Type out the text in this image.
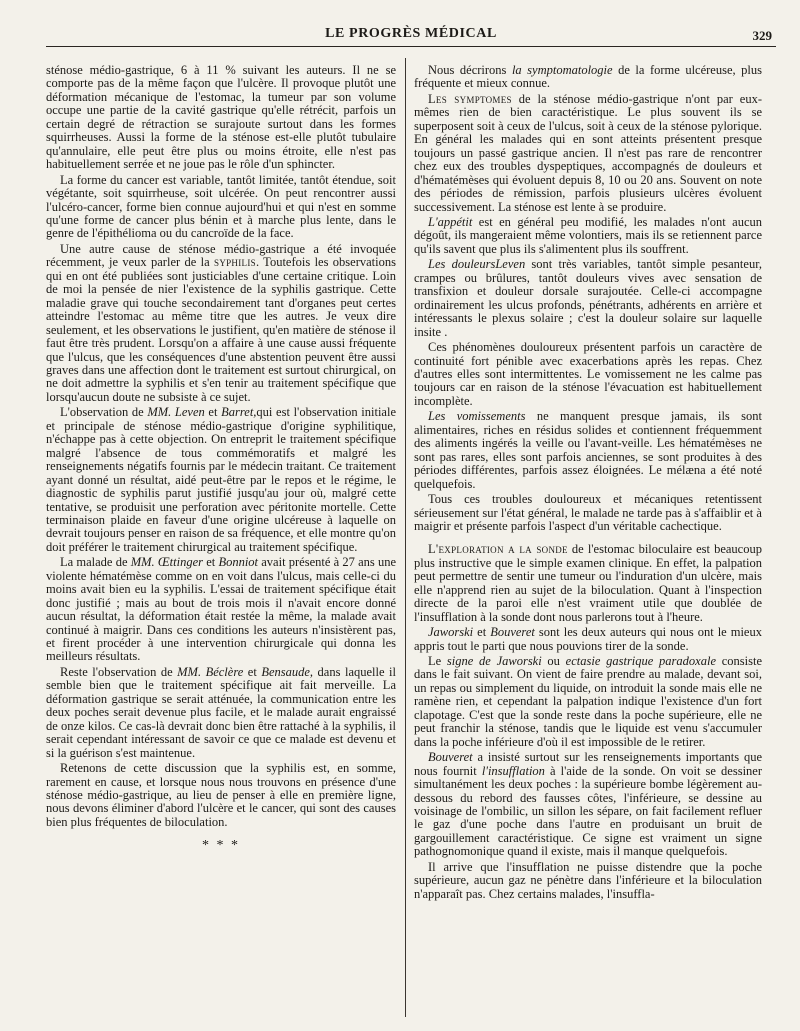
LE PROGRÈS MÉDICAL	329

sténose médio-gastrique, 6 à 11 % suivant les auteurs. Il ne se comporte pas de la même façon que l'ulcère. Il provoque plutôt une déformation mécanique de l'estomac, la tumeur par son volume occupe une partie de la cavité gastrique qu'elle rétrécit, parfois un certain degré de rétraction se surajoute surtout dans les formes squirrheuses. Aussi la forme de la sténose est-elle plutôt tubulaire qu'annulaire, elle peut être plus ou moins étroite, elle n'est pas habituellement serrée et ne joue pas le rôle d'un sphincter.

La forme du cancer est variable, tantôt limitée, tantôt étendue, soit végétante, soit squirrheuse, soit ulcérée. On peut rencontrer aussi l'ulcéro-cancer, forme bien connue aujourd'hui et qui n'est en somme qu'une forme de cancer plus bénin et à marche plus lente, dans le genre de l'épithélioma ou du cancroïde de la face.

Une autre cause de sténose médio-gastrique a été invoquée récemment, je veux parler de la syphilis. Toutefois les observations qui en ont été publiées sont justiciables d'une certaine critique. Loin de moi la pensée de nier l'existence de la syphilis gastrique. Cette maladie grave qui touche secondairement tant d'organes peut certes atteindre l'estomac au même titre que les autres. Je veux dire seulement, et les observations le justifient, qu'en matière de sténose il faut être très prudent. Lorsqu'on a affaire à une cause aussi fréquente que l'ulcus, que les conséquences d'une abstention peuvent être aussi graves dans une affection dont le traitement est surtout chirurgical, on ne doit admettre la syphilis et s'en tenir au traitement spécifique que lorsqu'aucun doute ne subsiste à ce sujet.

L'observation de MM. Leven et Barret,qui est l'observation initiale et principale de sténose médio-gastrique d'origine syphilitique, n'échappe pas à cette objection. On entreprit le traitement spécifique malgré l'absence de tous commémoratifs et malgré les renseignements négatifs fournis par le médecin traitant. Ce traitement ayant donné un résultat, aidé peut-être par le repos et le régime, le diagnostic de syphilis parut justifié jusqu'au jour où, malgré cette tentative, se produisit une perforation avec péritonite mortelle. Cette terminaison plaide en faveur d'une origine ulcéreuse à laquelle on devrait toujours penser en raison de sa fréquence, et elle montre qu'on doit préférer le traitement chirurgical au traitement spécifique.

La malade de MM. Œttinger et Bonniot avait présenté à 27 ans une violente hématémèse comme on en voit dans l'ulcus, mais celle-ci du moins avait bien eu la syphilis. L'essai de traitement spécifique était donc justifié ; mais au bout de trois mois il n'avait encore donné aucun résultat, la déformation était restée la même, la malade avait continué à maigrir. Dans ces conditions les auteurs n'insistèrent pas, et firent procéder à une intervention chirurgicale qui donna les meilleurs résultats.

Reste l'observation de MM. Béclère et Bensaude, dans laquelle il semble bien que le traitement spécifique ait fait merveille. La déformation gastrique se serait atténuée, la communication entre les deux poches serait devenue plus facile, et le malade aurait engraissé de onze kilos. Ce cas-là devrait donc bien être rattaché à la syphilis, il serait cependant intéressant de savoir ce que ce malade est devenu et si la guérison s'est maintenue.

Retenons de cette discussion que la syphilis est, en somme, rarement en cause, et lorsque nous nous trouvons en présence d'une sténose médio-gastrique, au lieu de penser à elle en première ligne, nous devons éliminer d'abord l'ulcère et le cancer, qui sont des causes bien plus fréquentes de biloculation.

* * *

Nous décrirons la symptomatologie de la forme ulcéreuse, plus fréquente et mieux connue.

Les symptomes de la sténose médio-gastrique n'ont par eux-mêmes rien de bien caractéristique. Le plus souvent ils se superposent soit à ceux de l'ulcus, soit à ceux de la sténose pylorique. En général les malades qui en sont atteints présentent presque toujours un passé gastrique ancien. Il n'est pas rare de rencontrer chez eux des troubles dyspeptiques, accompagnés de douleurs et d'hématémèses qui évoluent depuis 8, 10 ou 20 ans. Souvent on note des périodes de rémission, parfois plusieurs ulcères évoluent successivement. La sténose est lente à se produire.

L'appétit est en général peu modifié, les malades n'ont aucun dégoût, ils mangeraient même volontiers, mais ils se retiennent parce qu'ils savent que plus ils s'alimentent plus ils souffrent.

Les douleursLeven sont très variables, tantôt simple pesanteur, crampes ou brûlures, tantôt douleurs vives avec sensation de transfixion et douleur dorsale surajoutée. Celle-ci accompagne ordinairement les ulcus profonds, pénétrants, adhérents en arrière et intéressants le plexus solaire ; c'est la douleur solaire sur laquelle insite .

Ces phénomènes douloureux présentent parfois un caractère de continuité fort pénible avec exacerbations après les repas. Chez d'autres elles sont intermittentes. Le vomissement ne les calme pas toujours car en raison de la sténose l'évacuation est habituellement incomplète.

Les vomissements ne manquent presque jamais, ils sont alimentaires, riches en résidus solides et contiennent fréquemment des aliments ingérés la veille ou l'avant-veille. Les hématémèses ne sont pas rares, elles sont parfois anciennes, se sont produites à des périodes différentes, parfois assez éloignées. Le mélæna a été noté quelquefois.

Tous ces troubles douloureux et mécaniques retentissent sérieusement sur l'état général, le malade ne tarde pas à s'affaiblir et à maigrir et présente parfois l'aspect d'un véritable cachectique.

L'exploration a la sonde de l'estomac biloculaire est beaucoup plus instructive que le simple examen clinique. En effet, la palpation peut permettre de sentir une tumeur ou l'induration d'un ulcère, mais elle n'apprend rien au sujet de la biloculation. Quant à l'inspection directe de la paroi elle n'est vraiment utile que doublée de l'insufflation à la sonde dont nous parlerons tout à l'heure.

Jaworski et Bouveret sont les deux auteurs qui nous ont le mieux appris tout le parti que nous pouvions tirer de la sonde.

Le signe de Jaworski ou ectasie gastrique paradoxale consiste dans le fait suivant. On vient de faire prendre au malade, devant soi, un repas ou simplement du liquide, on introduit la sonde mais elle ne ramène rien, et cependant la palpation indique l'existence d'un fort clapotage. C'est que la sonde reste dans la poche supérieure, elle ne peut franchir la sténose, tandis que le liquide est venu s'accumuler dans la poche inférieure d'où il est impossible de le retirer.

Bouveret a insisté surtout sur les renseignements importants que nous fournit l'insufflation à l'aide de la sonde. On voit se dessiner simultanément les deux poches : la supérieure bombe légèrement au-dessous du rebord des fausses côtes, l'inférieure, se dessine au voisinage de l'ombilic, un sillon les sépare, on fait facilement refluer le gaz d'une poche dans l'autre en produisant un bruit de gargouillement caractéristique. Ce signe est vraiment un signe pathognomonique quand il existe, mais il manque quelquefois.

Il arrive que l'insufflation ne puisse distendre que la poche supérieure, aucun gaz ne pénètre dans l'inférieure et la biloculation n'apparaît pas. Chez certains malades, l'insuffla-
